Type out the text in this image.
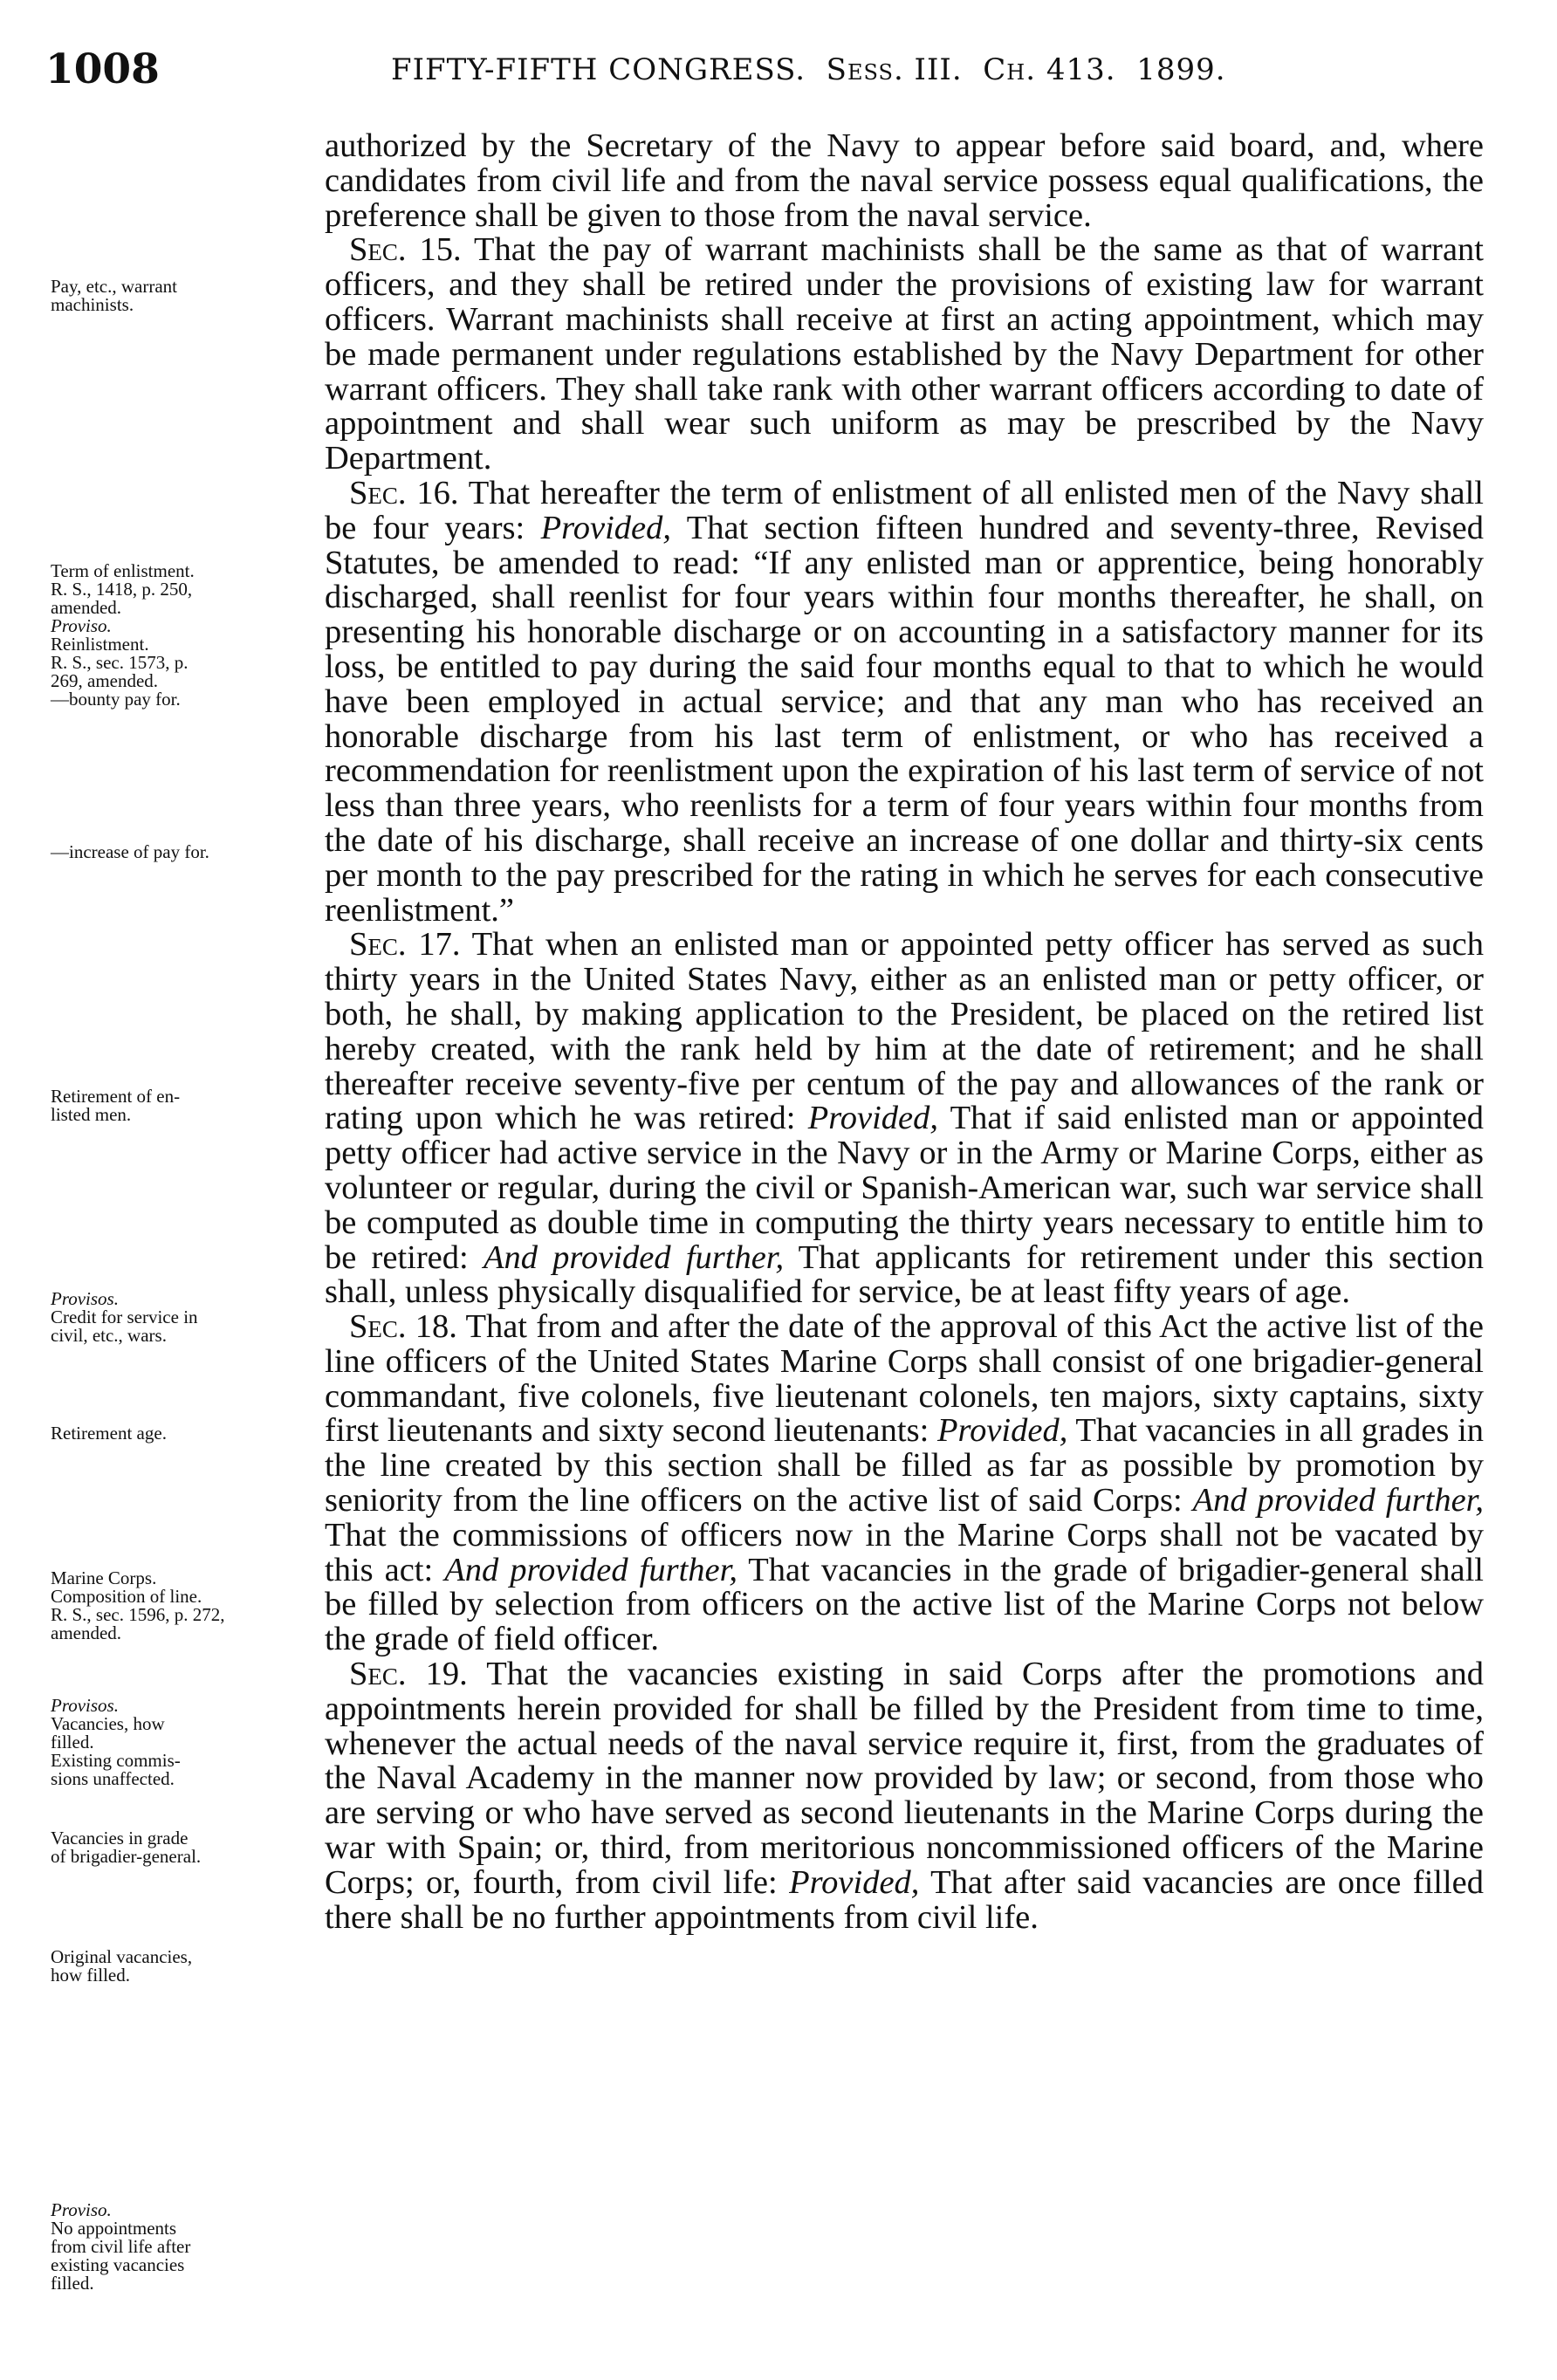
1008	FIFTY-FIFTH CONGRESS. Sess. III. Ch. 413. 1899.

authorized by the Secretary of the Navy to appear before said board, and, where candidates from civil life and from the naval service possess equal qualifications, the preference shall be given to those from the naval service.

Sec. 15. That the pay of warrant machinists shall be the same as that of warrant officers, and they shall be retired under the provisions of existing law for warrant officers. Warrant machinists shall receive at first an acting appointment, which may be made permanent under regulations established by the Navy Department for other warrant officers. They shall take rank with other warrant officers according to date of appointment and shall wear such uniform as may be prescribed by the Navy Department.

Sec. 16. That hereafter the term of enlistment of all enlisted men of the Navy shall be four years: Provided, That section fifteen hundred and seventy-three, Revised Statutes, be amended to read: “If any enlisted man or apprentice, being honorably discharged, shall reenlist for four years within four months thereafter, he shall, on presenting his honorable discharge or on accounting in a satisfactory manner for its loss, be entitled to pay during the said four months equal to that to which he would have been employed in actual service; and that any man who has received an honorable discharge from his last term of enlistment, or who has received a recommendation for reenlistment upon the expiration of his last term of service of not less than three years, who reenlists for a term of four years within four months from the date of his discharge, shall receive an increase of one dollar and thirty-six cents per month to the pay prescribed for the rating in which he serves for each consecutive reenlistment.”

Sec. 17. That when an enlisted man or appointed petty officer has served as such thirty years in the United States Navy, either as an enlisted man or petty officer, or both, he shall, by making application to the President, be placed on the retired list hereby created, with the rank held by him at the date of retirement; and he shall thereafter receive seventy-five per centum of the pay and allowances of the rank or rating upon which he was retired: Provided, That if said enlisted man or appointed petty officer had active service in the Navy or in the Army or Marine Corps, either as volunteer or regular, during the civil or Spanish-American war, such war service shall be computed as double time in computing the thirty years necessary to entitle him to be retired: And provided further, That applicants for retirement under this section shall, unless physically disqualified for service, be at least fifty years of age.

Sec. 18. That from and after the date of the approval of this Act the active list of the line officers of the United States Marine Corps shall consist of one brigadier-general commandant, five colonels, five lieutenant colonels, ten majors, sixty captains, sixty first lieutenants and sixty second lieutenants: Provided, That vacancies in all grades in the line created by this section shall be filled as far as possible by promotion by seniority from the line officers on the active list of said Corps: And provided further, That the commissions of officers now in the Marine Corps shall not be vacated by this act: And provided further, That vacancies in the grade of brigadier-general shall be filled by selection from officers on the active list of the Marine Corps not below the grade of field officer.

Sec. 19. That the vacancies existing in said Corps after the promotions and appointments herein provided for shall be filled by the President from time to time, whenever the actual needs of the naval service require it, first, from the graduates of the Naval Academy in the manner now provided by law; or second, from those who are serving or who have served as second lieutenants in the Marine Corps during the war with Spain; or, third, from meritorious noncommissioned officers of the Marine Corps; or, fourth, from civil life: Provided, That after said vacancies are once filled there shall be no further appointments from civil life.

Pay, etc., warrant
machinists.
Term of enlistment.
R. S., 1418, p. 250,
amended.
Proviso.
Reinlistment.
R. S., sec. 1573, p.
269, amended.
—bounty pay for.
—increase of pay for.
Retirement of en-
listed men.
Provisos.
Credit for service in
civil, etc., wars.
Retirement age.
Marine Corps.
Composition of line.
R. S., sec. 1596, p. 272,
amended.
Provisos.
Vacancies, how
filled.
Existing commis-
sions unaffected.
Vacancies in grade
of brigadier-general.
Original vacancies,
how filled.
Proviso.
No appointments
from civil life after
existing vacancies
filled.
